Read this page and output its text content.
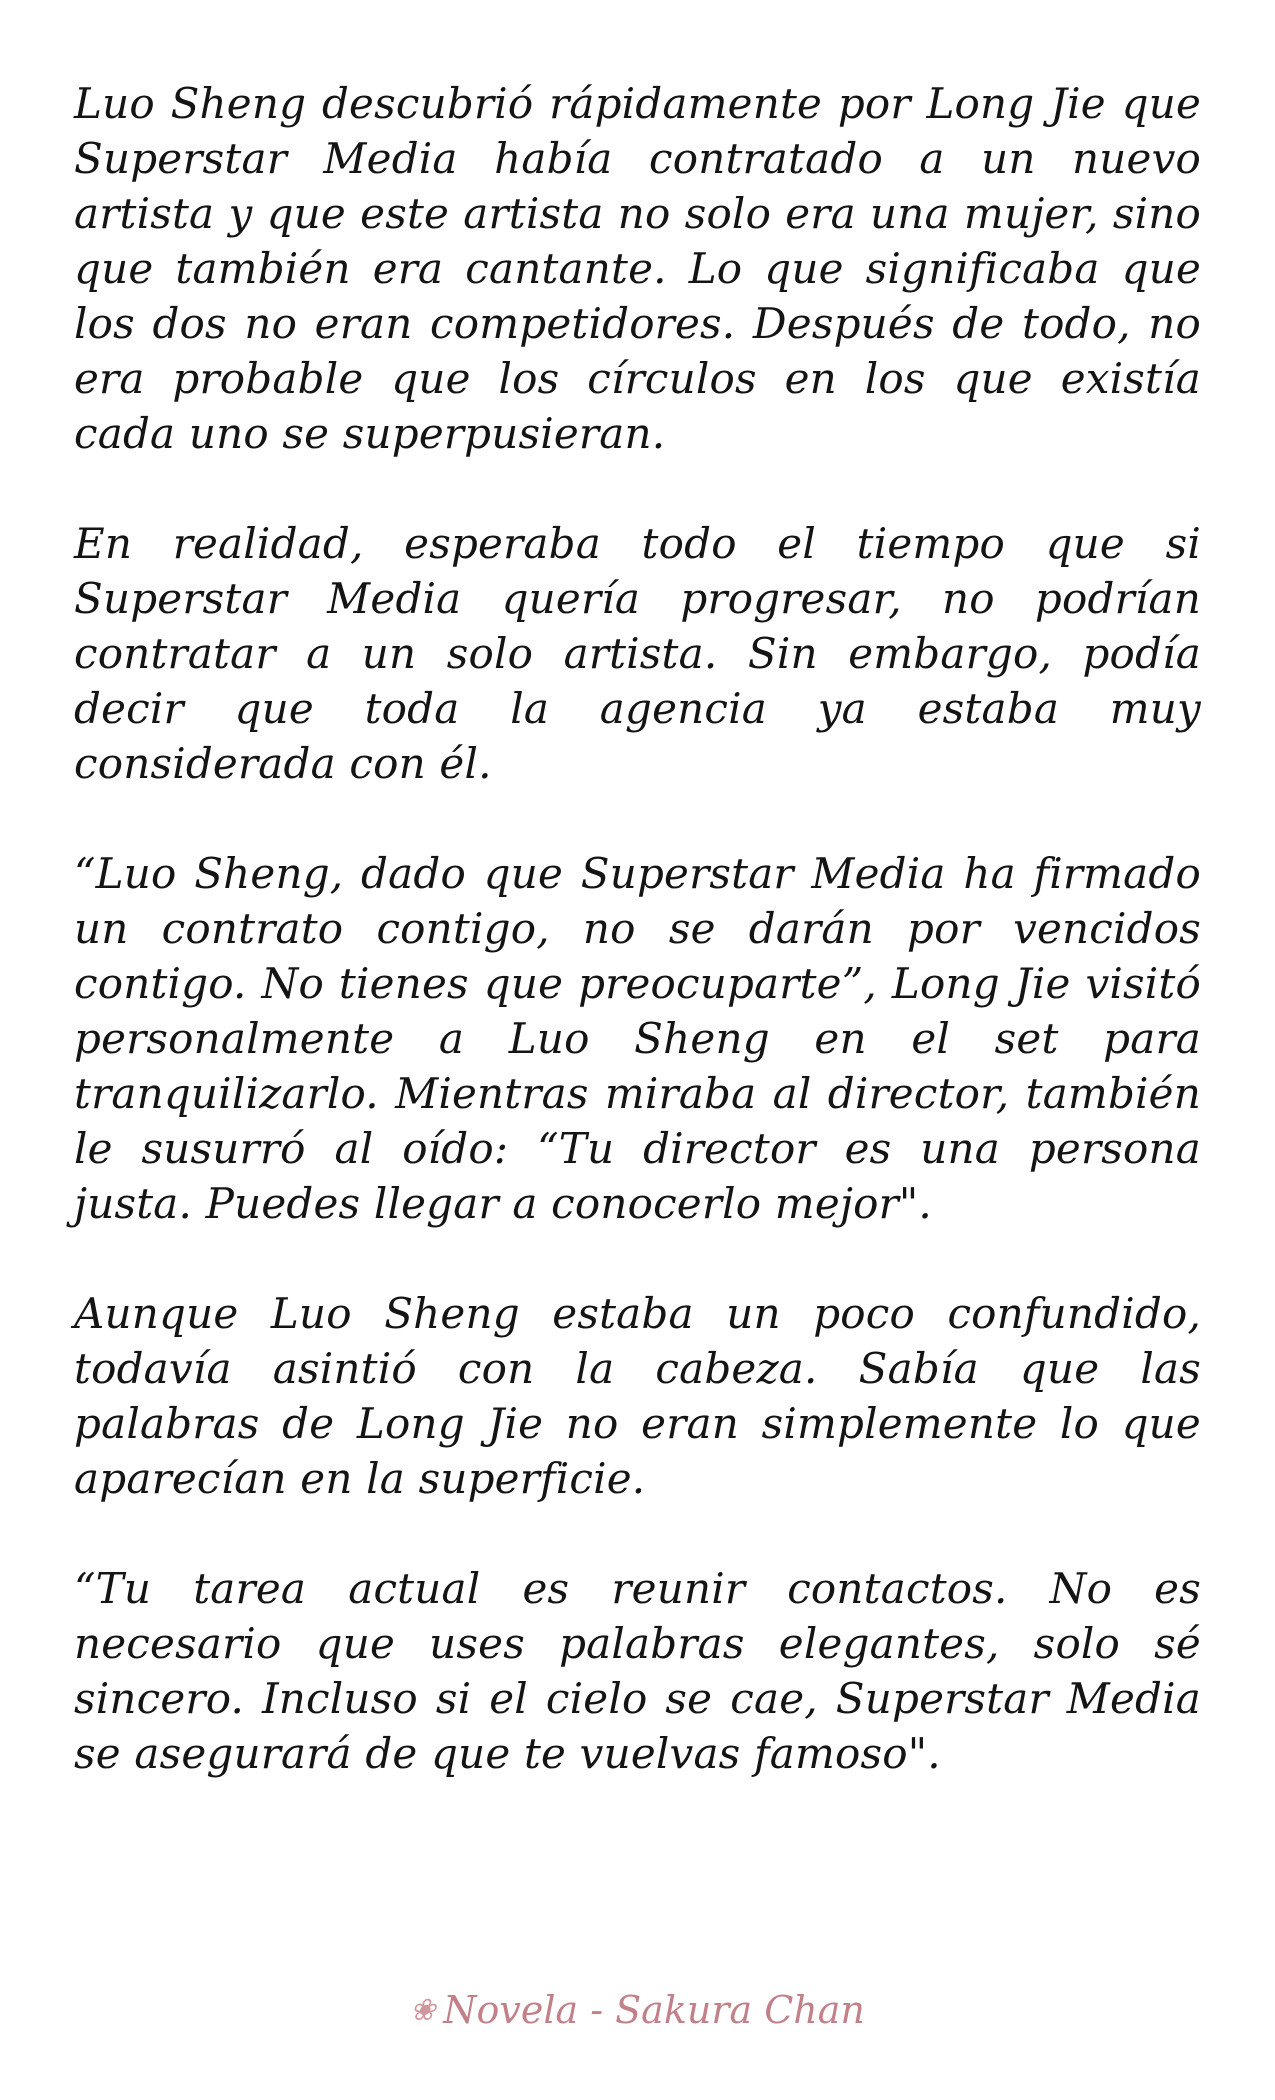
Luo Sheng descubrió rápidamente por Long Jie que Superstar Media había contratado a un nuevo artista y que este artista no solo era una mujer, sino que también era cantante. Lo que significaba que los dos no eran competidores. Después de todo, no era probable que los círculos en los que existía cada uno se superpusieran.

En realidad, esperaba todo el tiempo que si Superstar Media quería progresar, no podrían contratar a un solo artista. Sin embargo, podía decir que toda la agencia ya estaba muy considerada con él.

“Luo Sheng, dado que Superstar Media ha firmado un contrato contigo, no se darán por vencidos contigo. No tienes que preocuparte”, Long Jie visitó personalmente a Luo Sheng en el set para tranquilizarlo. Mientras miraba al director, también le susurró al oído: “Tu director es una persona justa. Puedes llegar a conocerlo mejor".

Aunque Luo Sheng estaba un poco confundido, todavía asintió con la cabeza. Sabía que las palabras de Long Jie no eran simplemente lo que aparecían en la superficie.

“Tu tarea actual es reunir contactos. No es necesario que uses palabras elegantes, solo sé sincero. Incluso si el cielo se cae, Superstar Media se asegurará de que te vuelvas famoso".

❀ Novela - Sakura Chan
